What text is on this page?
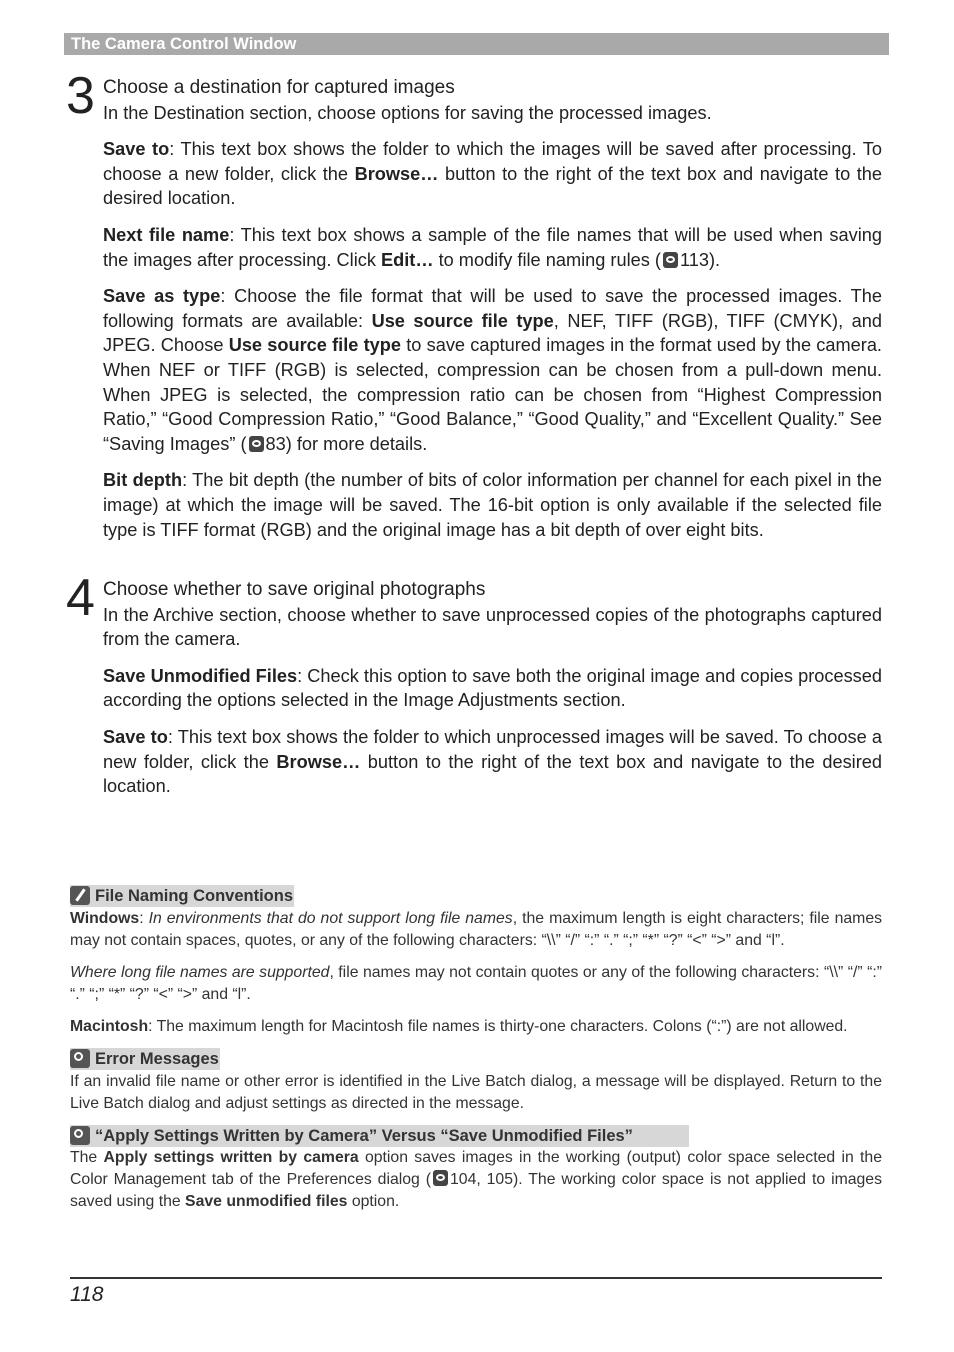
The Camera Control Window
3 Choose a destination for captured images

In the Destination section, choose options for saving the processed images.

Save to: This text box shows the folder to which the images will be saved after processing. To choose a new folder, click the Browse… button to the right of the text box and navigate to the desired location.

Next file name: This text box shows a sample of the file names that will be used when saving the images after processing. Click Edit… to modify file naming rules ( 113).

Save as type: Choose the file format that will be used to save the processed images. The following formats are available: Use source file type, NEF, TIFF (RGB), TIFF (CMYK), and JPEG. Choose Use source file type to save captured images in the format used by the camera. When NEF or TIFF (RGB) is selected, compression can be chosen from a pull-down menu. When JPEG is selected, the compression ratio can be chosen from “Highest Compression Ratio,” “Good Compression Ratio,” “Good Balance,” “Good Quality,” and “Excellent Quality.” See “Saving Images” ( 83) for more details.

Bit depth: The bit depth (the number of bits of color information per channel for each pixel in the image) at which the image will be saved. The 16-bit option is only available if the selected file type is TIFF format (RGB) and the original image has a bit depth of over eight bits.

4 Choose whether to save original photographs

In the Archive section, choose whether to save unprocessed copies of the photographs captured from the camera.

Save Unmodified Files: Check this option to save both the original image and copies processed according the options selected in the Image Adjustments section.

Save to: This text box shows the folder to which unprocessed images will be saved. To choose a new folder, click the Browse… button to the right of the text box and navigate to the desired location.

File Naming Conventions

Windows: In environments that do not support long file names, the maximum length is eight characters; file names may not contain spaces, quotes, or any of the following characters: “\\” “/” “:” “.” “;” “*” “?” “<” “>” and “l”.

Where long file names are supported, file names may not contain quotes or any of the following characters: “\\” “/” “:” “.” “;” “*” “?” “<” “>” and “l”.

Macintosh: The maximum length for Macintosh file names is thirty-one characters. Colons (“:”) are not allowed.

Error Messages

If an invalid file name or other error is identified in the Live Batch dialog, a message will be displayed. Return to the Live Batch dialog and adjust settings as directed in the message.

“Apply Settings Written by Camera” Versus “Save Unmodified Files”

The Apply settings written by camera option saves images in the working (output) color space selected in the Color Management tab of the Preferences dialog ( 104, 105). The working color space is not applied to images saved using the Save unmodified files option.

118
